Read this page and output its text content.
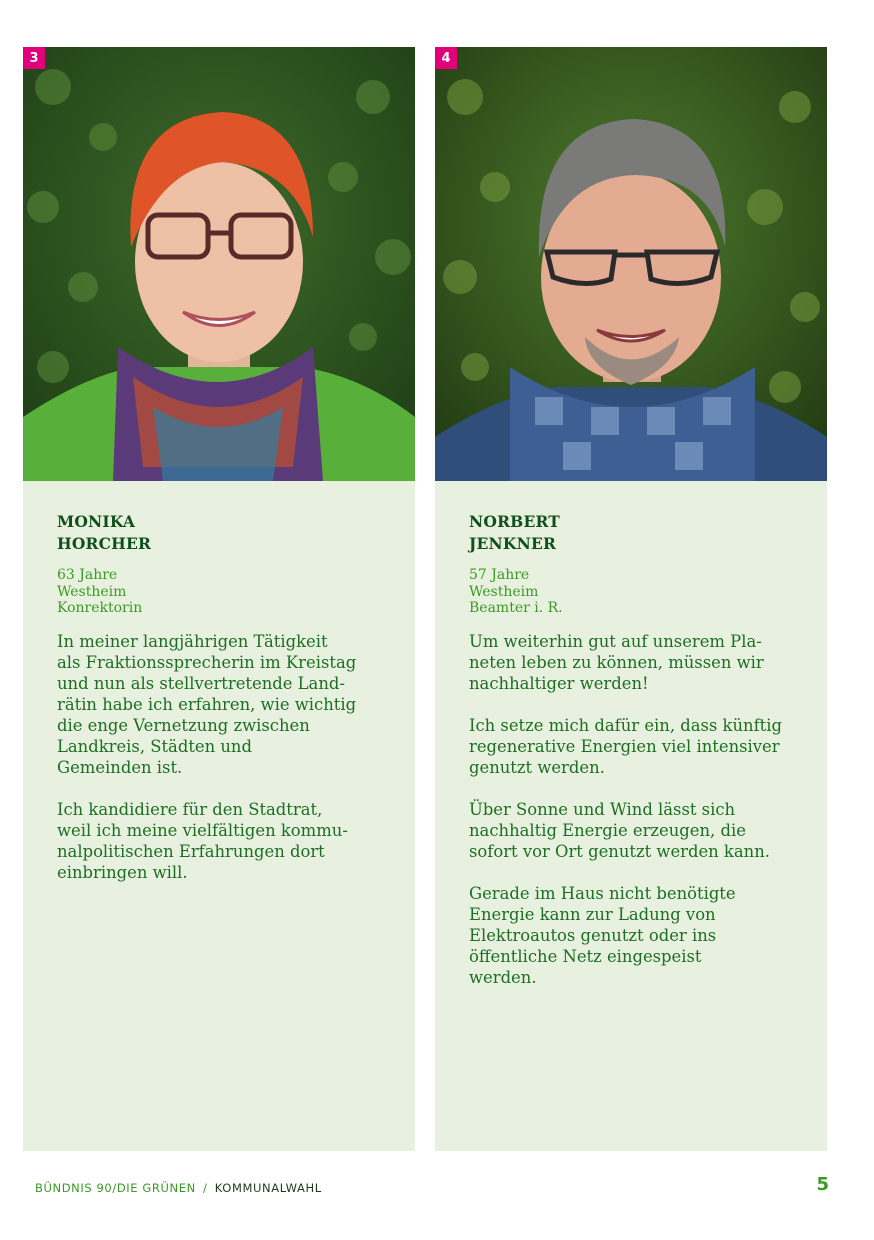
3
MONIKA
HORCHER
63 Jahre
Westheim
Konrektorin

In meiner langjährigen Tätigkeit
als Fraktionssprecherin im Kreistag
und nun als stellvertretende Land-
rätin habe ich erfahren, wie wichtig
die enge Vernetzung zwischen
Landkreis, Städten und
Gemeinden ist.

Ich kandidiere für den Stadtrat,
weil ich meine vielfältigen kommu-
nalpolitischen Erfahrungen dort
einbringen will.

4
NORBERT
JENKNER
57 Jahre
Westheim
Beamter i. R.

Um weiterhin gut auf unserem Pla-
neten leben zu können, müssen wir
nachhaltiger werden!

Ich setze mich dafür ein, dass künftig
regenerative Energien viel intensiver
genutzt werden.

Über Sonne und Wind lässt sich
nachhaltig Energie erzeugen, die
sofort vor Ort genutzt werden kann.

Gerade im Haus nicht benötigte
Energie kann zur Ladung von
Elektroautos genutzt oder ins
öffentliche Netz eingespeist
werden.

BÜNDNIS 90/DIE GRÜNEN / KOMMUNALWAHL	5
